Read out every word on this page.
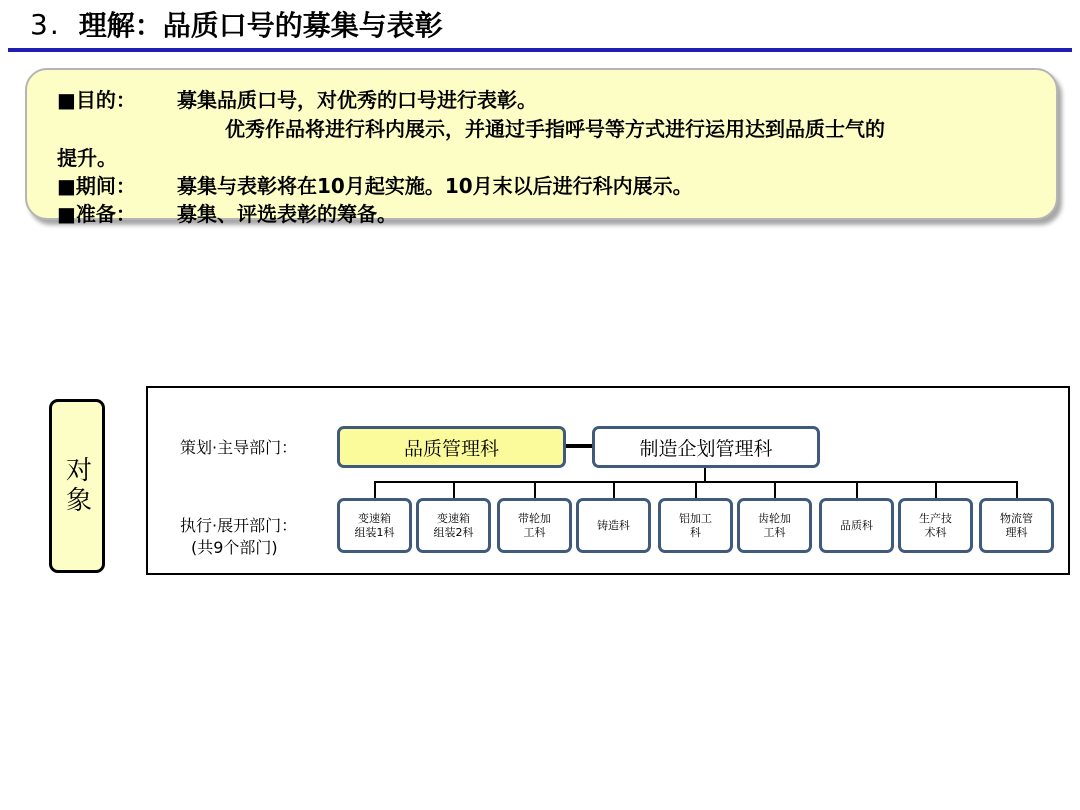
3. 理解：品质口号的募集与表彰
■目的： 募集品质口号，对优秀的口号进行表彰。
优秀作品将进行科内展示，并通过手指呼号等方式进行运用达到品质士气的
提升。
■期间： 募集与表彰将在10月起实施。10月末以后进行科内展示。
■准备： 募集、评选表彰的筹备。
对象
策划·主导部门：
执行·展开部门：
(共9个部门)
品质管理科	制造企划管理科
变速箱
组装1科
变速箱
组装2科
带轮加
工科
铸造科
铝加工
科
齿轮加
工科
品质科
生产技
术科
物流管
理科
